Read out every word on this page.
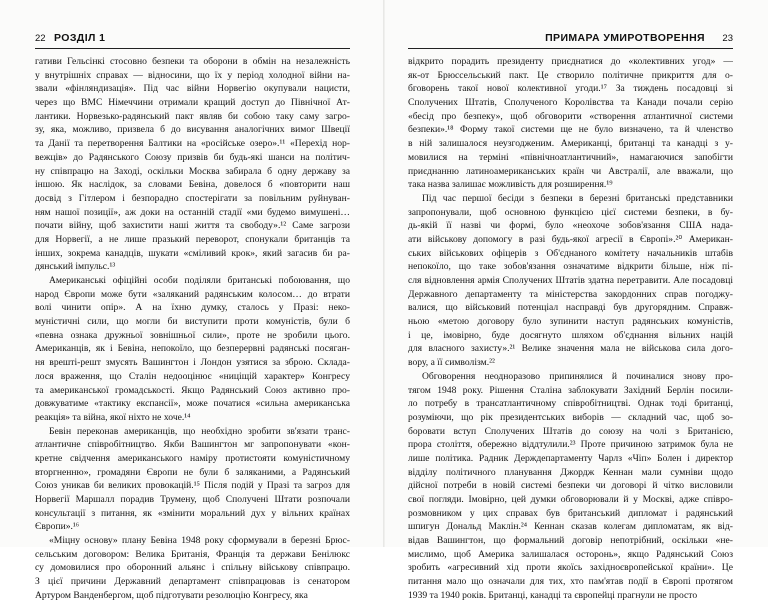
22 РОЗДІЛ 1
гативи Гельсінкі стосовно безпеки та оборони в обмін на незалежність
у внутрішніх справах — відносини, що їх у період холодної війни на-
звали «фінляндизація». Під час війни Норвегію окупували нацисти,
через що ВМС Німеччини отримали кращий доступ до Північної Ат-
лантики. Норвезько-радянський пакт являв би собою таку саму загро-
зу, яка, можливо, призвела б до висування аналогічних вимог Швеції
та Данії та перетворення Балтики на «російське озеро».¹¹ «Перехід нор-
вежців» до Радянського Союзу призвів би будь-які шанси на політич-
ну співпрацю на Заході, оскільки Москва забирала б одну державу за
іншою. Як наслідок, за словами Бевіна, довелося б «повторити наш
досвід з Гітлером і безпорадно спостерігати за повільним руйнуван-
ням нашої позиції», аж доки на останній стадії «ми будемо вимушені…
почати війну, щоб захистити наші життя та свободу».¹² Саме загрози
для Норвегії, а не лише празький переворот, спонукали британців та
інших, зокрема канадців, шукати «сміливий крок», який загасив би ра-
дянський імпульс.¹³
Американські офіційні особи поділяли британські побоювання, що
народ Європи може бути «заляканий радянським колосом… до втрати
волі чинити опір». А на їхню думку, сталось у Празі: неко-
муністичні сили, що могли би виступити проти комуністів, були б
«певна ознака дружньої зовнішньої сили», проте не зробили цього.
Американців, як і Бевіна, непокоїло, що безперервні радянські посяган-
ня врешті-решт змусять Вашингтон і Лондон узятися за зброю. Склада-
лося враження, що Сталін недооцінює «ниціщій характер» Конгресу
та американської громадськості. Якщо Радянський Союз активно про-
довжуватиме «тактику експансії», може початися «сильна американська
реакція» та війна, якої ніхто не хоче.¹⁴
Бевін переконав американців, що необхідно зробити зв'язати транс-
атлантичне співробітництво. Якби Вашингтон мг запропонувати «кон-
кретне свідчення американського наміру протистояти комуністичному
вторгненню», громадяни Європи не були б заляканими, а Радянський
Союз уникав би великих провокацій.¹⁵ Після подій у Празі та загроз для
Норвегії Маршалл порадив Трумену, щоб Сполучені Штати розпочали
консультації з питання, як «змінити моральний дух у вільних країнах
Європи».¹⁶
«Міцну основу» плану Бевіна 1948 року сформували в березні Брюс-
сельським договором: Велика Британія, Франція та держави Бенілюкс
су домовилися про оборонний альянс і спільну військову співпрацю.
З цієї причини Державний департамент співпрацював із сенатором
Артуром Ванденбергом, щоб підготувати резолюцію Конгресу, яка
ПРИМАРА УМИРОТВОРЕННЯ 23
відкрито порадить президенту приєднатися до «колективних угод» —
як-от Брюссельський пакт. Це створило політичне прикриття для о-
бговорень такої нової колективної угоди.¹⁷ За тиждень посадовці зі
Сполучених Штатів, Сполученого Королівства та Канади почали серію
«бесід про безпеку», щоб обговорити «створення атлантичної системи
безпеки».¹⁸ Форму такої системи ще не було визначено, та й членство
в ній залишалося неузгодженим. Американці, британці та канадці з у-
мовилися на терміні «північноатлантичний», намагаючися запобігти
приєднанню латиноамериканських країн чи Австралії, але вважали, що
така назва залишає можливість для розширення.¹⁹
Під час першої бесіди з безпеки в березні британські представники
запропонували, щоб основною функцією цієї системи безпеки, в бу-
дь-якій її назві чи формі, було «неохоче зобов'язання США нада-
ати військову допомогу в разі будь-якої агресії в Європі».²⁰ Американ-
ських військових офіцерів з Об'єднаного комітету начальників штабів
непокоїло, що таке зобов'язання означатиме відкрити більше, ніж пі-
сля відновлення армія Сполучених Штатів здатна перетравити. Але посадовці
Державного департаменту та міністерства закордонних справ погоджу-
валися, що військовий потенціал насправді був другорядним. Справж-
ньою «метою договору було зупинити наступ радянських комуністів,
і це, імовірно, буде досягнуто шляхом об'єднання вільних націй
для власного захисту».²¹ Велике значення мала не військова сила дого-
вору, а її символізм.²²
Обговорення неодноразово припинялися й починалися знову про-
тягом 1948 року. Рішення Сталіна заблокувати Західний Берлін посили-
ло потребу в трансатлантичному співробітництві. Однак тоді британці,
розуміючи, що рік президентських виборів — складний час, щоб зо-
боровати вступ Сполучених Штатів до союзу на чолі з Британією,
прора століття, обережно віддтулили.²³ Проте причиною затримок була не
лише політика. Радник Держдепартаменту Чарлз «Чіп» Болен і директор
відділу політичного планування Джордж Кеннан мали сумніви щодо
дійсної потреби в новій системі безпеки чи договорі й чітко висловили
свої погляди. Імовірно, цей думки обговорювали й у Москві, адже співро-
розмовником у цих справах був британський дипломат і радянський
шпигун Дональд Маклін.²⁴ Кеннан сказав колегам дипломатам, як від-
відав Вашингтон, що формальний договір непотрібний, оскільки «не-
мислимо, щоб Америка залишалася осторонь», якщо Радянський Союз
зробить «агресивний хід проти якоїсь західноєвропейської країни». Це
питання мало що означали для тих, хто пам'ятав події в Європі протягом
1939 та 1940 років. Британці, канадці та європейці прагнули не просто
